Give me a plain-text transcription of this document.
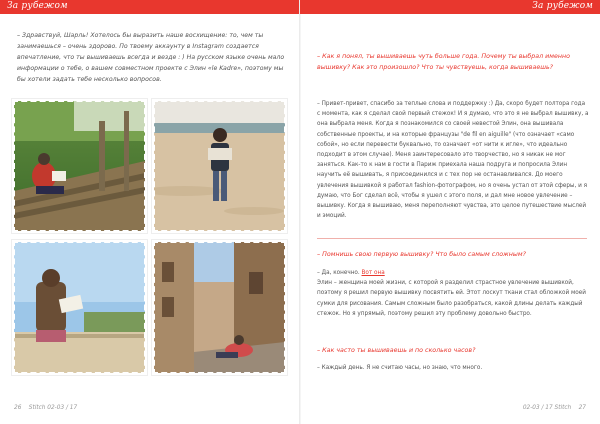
За рубежом
– Здравствуй, Шарль! Хотелось бы выразить наше восхищение: то, чем ты занимаешься – очень здорово. По твоему аккаунту в Instagram создается впечатление, что ты вышиваешь всегда и везде : ) На русском языке очень мало информации о тебе, о вашем совместном проекте с Элин «le Kadre», поэтому мы бы хотели задать тебе несколько вопросов.
26 Stitch 02-03 / 17
За рубежом
– Как я понял, ты вышиваешь чуть больше года. Почему ты выбрал именно вышивку? Как это произошло? Что ты чувствуешь, когда вышиваешь?
– Привет-привет, спасибо за теплые слова и поддержку :) Да, скоро будет полтора года с момента, как я сделал свой первый стежок! И я думаю, что это я не выбрал вышивку, а она выбрала меня. Когда я познакомился со своей невестой Элин, она вышивала собственные проекты, и на которые французы "de fil en aiguille" (что означает «само собой», но если перевести буквально, то означает «от нити к игле», что идеально подходит в этом случае). Меня заинтересовало это творчество, но я никак не мог заняться. Как-то к нам в гости в Париж приехала наша подруга и попросила Элин научить её вышивать, я присоединился и с тех пор не останавливался. До моего увлечения вышивкой я работал fashion-фотографом, но я очень устал от этой сферы, и я думаю, что Бог сделал всё, чтобы я ушел с этого поля, и дал мне новое увлечение – вышивку. Когда я вышиваю, меня переполняют чувства, это целое путешествие мыслей и эмоций.
– Помнишь свою первую вышивку? Что было самым сложным?
– Да, конечно. Вот она
Элин – женщина моей жизни, с которой я разделил страстное увлечение вышивкой, поэтому я решил первую вышивку посвятить ей. Этот лоскут ткани стал обложкой моей сумки для рисования. Самым сложным было разобраться, какой длины делать каждый стежок. Но я упрямый, поэтому решил эту проблему довольно быстро.
– Как часто ты вышиваешь и по сколько часов?
– Каждый день. Я не считаю часы, но знаю, что много.
02-03 / 17 Stitch 27
